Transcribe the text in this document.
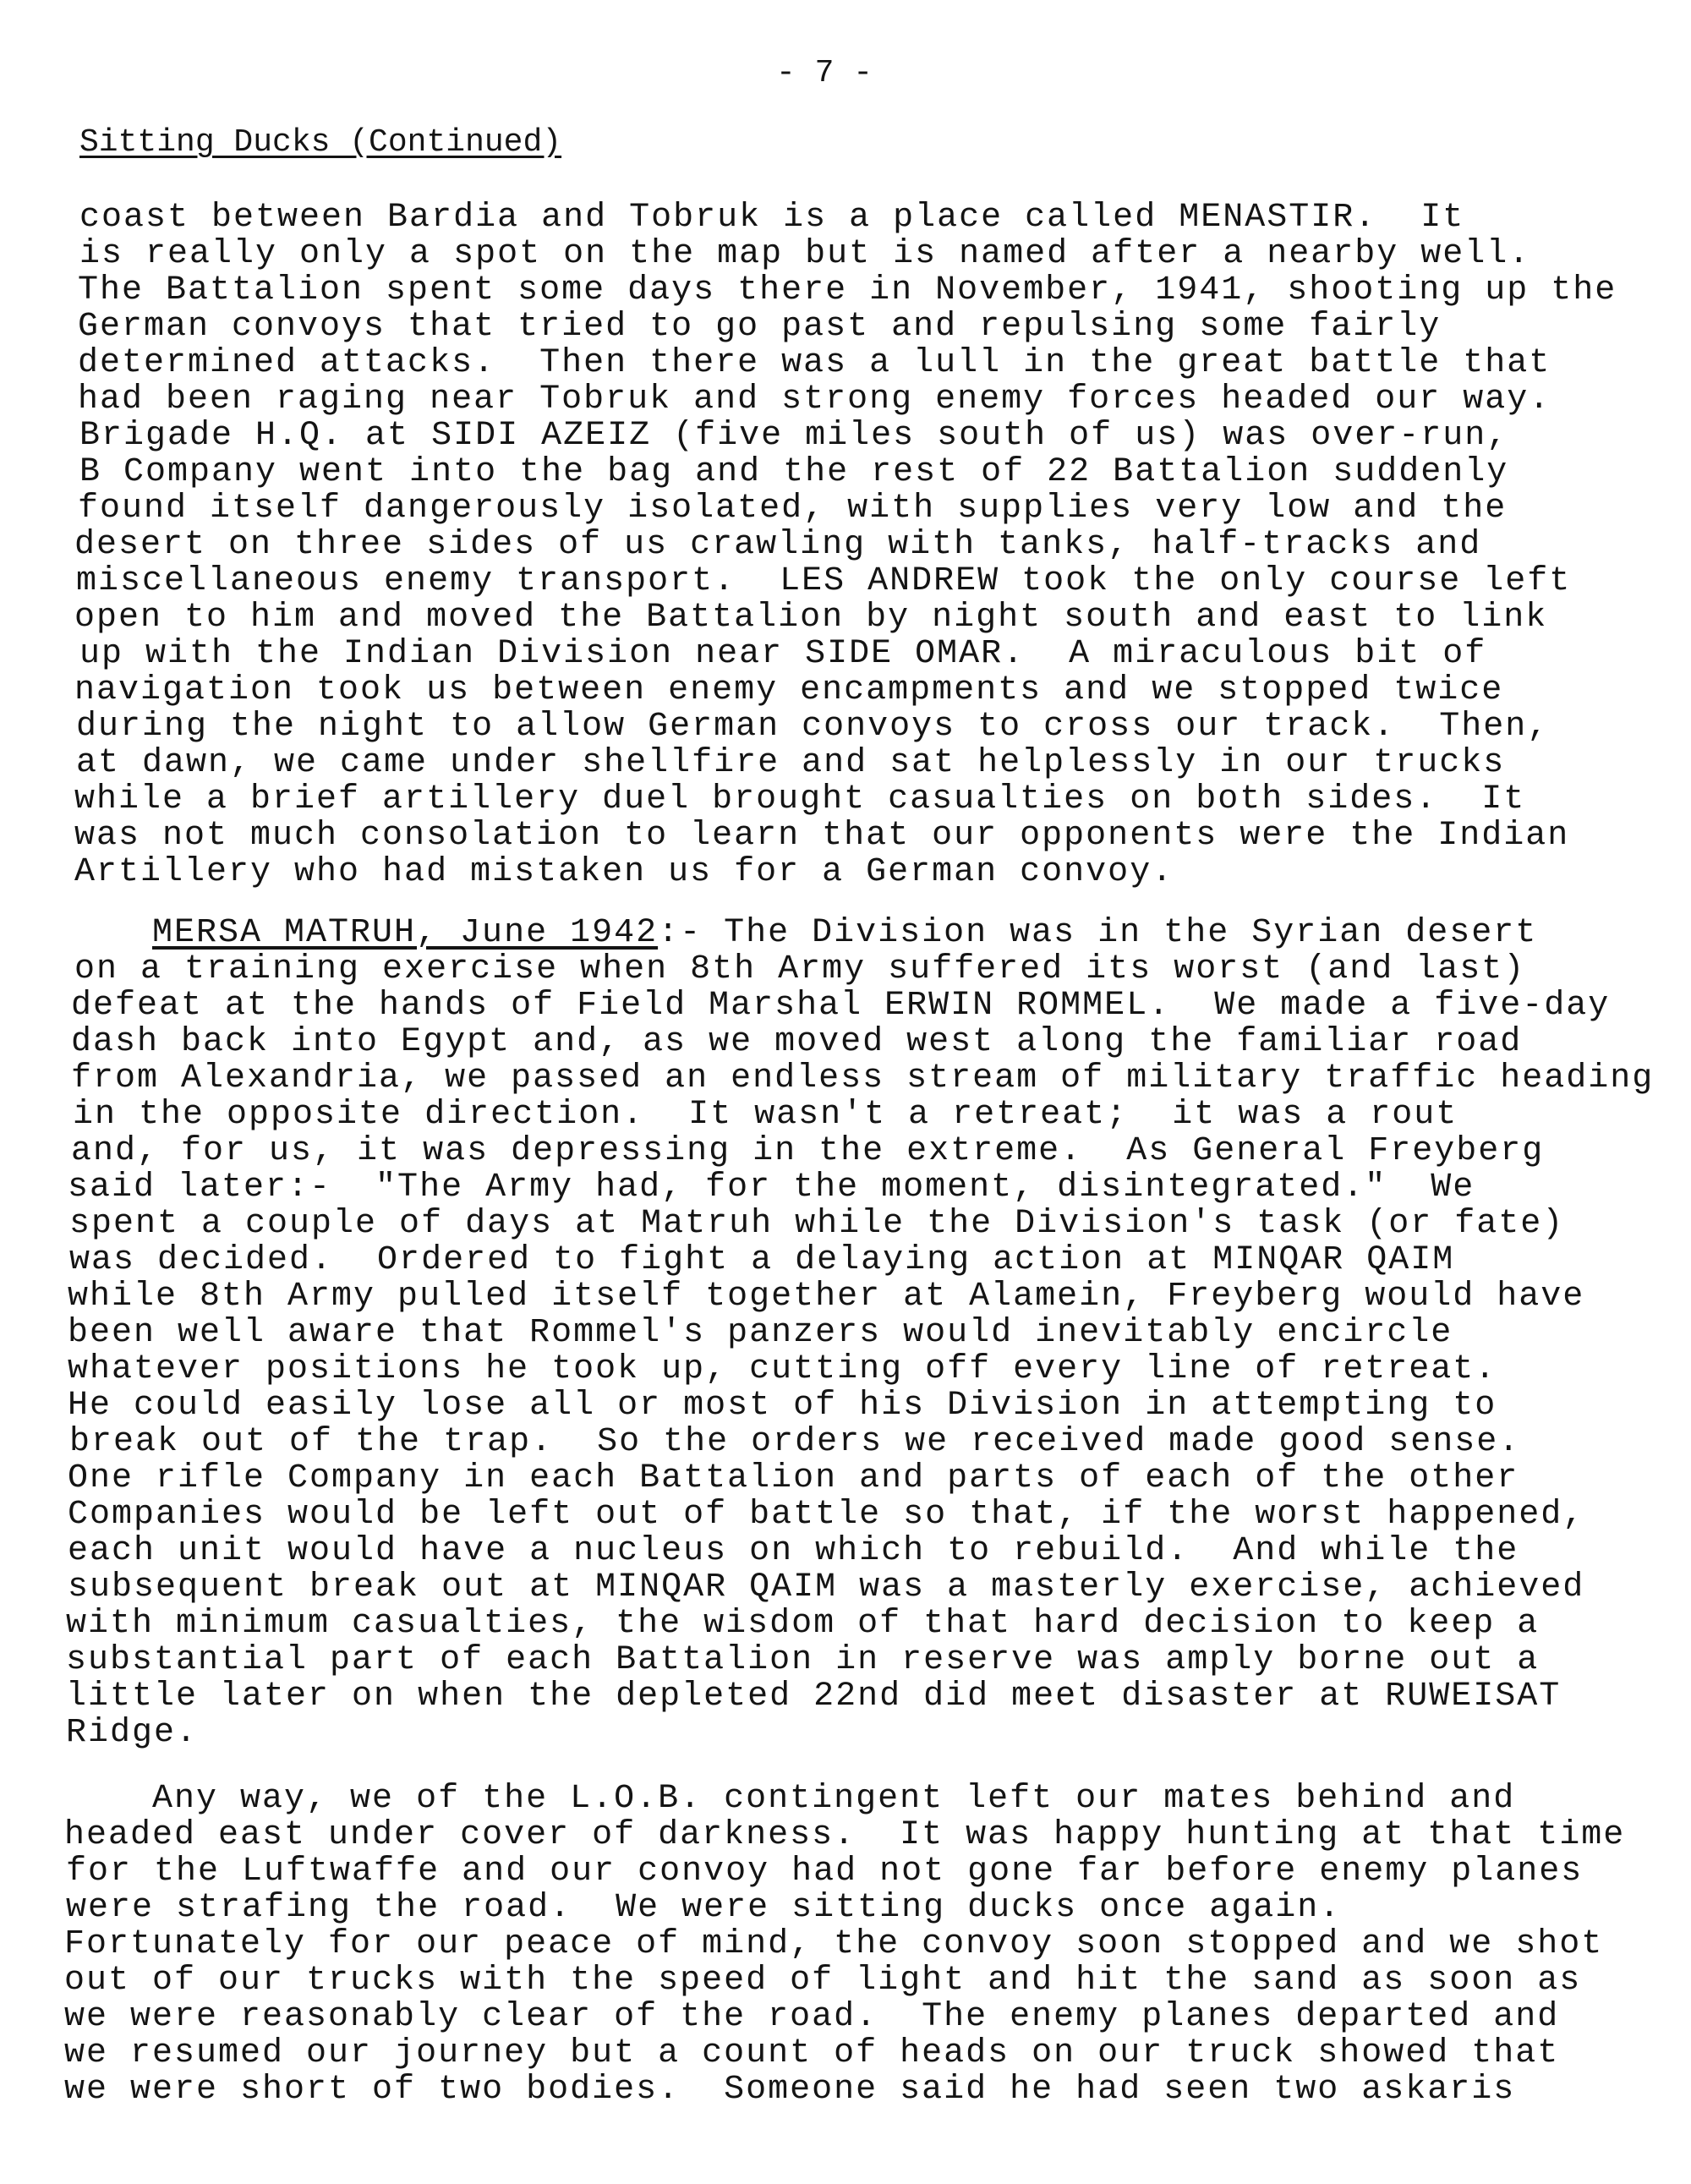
- 7 -
Sitting Ducks (Continued)
coast between Bardia and Tobruk is a place called MENASTIR.  It
is really only a spot on the map but is named after a nearby well.
The Battalion spent some days there in November, 1941, shooting up the
German convoys that tried to go past and repulsing some fairly
determined attacks.  Then there was a lull in the great battle that
had been raging near Tobruk and strong enemy forces headed our way.
Brigade H.Q. at SIDI AZEIZ (five miles south of us) was over-run,
B Company went into the bag and the rest of 22 Battalion suddenly
found itself dangerously isolated, with supplies very low and the
desert on three sides of us crawling with tanks, half-tracks and
miscellaneous enemy transport.  LES ANDREW took the only course left
open to him and moved the Battalion by night south and east to link
up with the Indian Division near SIDE OMAR.  A miraculous bit of
navigation took us between enemy encampments and we stopped twice
during the night to allow German convoys to cross our track.  Then,
at dawn, we came under shellfire and sat helplessly in our trucks
while a brief artillery duel brought casualties on both sides.  It
was not much consolation to learn that our opponents were the Indian
Artillery who had mistaken us for a German convoy.
MERSA MATRUH, June 1942:- The Division was in the Syrian desert
on a training exercise when 8th Army suffered its worst (and last)
defeat at the hands of Field Marshal ERWIN ROMMEL.  We made a five-day
dash back into Egypt and, as we moved west along the familiar road
from Alexandria, we passed an endless stream of military traffic heading
in the opposite direction.  It wasn't a retreat;  it was a rout
and, for us, it was depressing in the extreme.  As General Freyberg
said later:-  "The Army had, for the moment, disintegrated."  We
spent a couple of days at Matruh while the Division's task (or fate)
was decided.  Ordered to fight a delaying action at MINQAR QAIM
while 8th Army pulled itself together at Alamein, Freyberg would have
been well aware that Rommel's panzers would inevitably encircle
whatever positions he took up, cutting off every line of retreat.
He could easily lose all or most of his Division in attempting to
break out of the trap.  So the orders we received made good sense.
One rifle Company in each Battalion and parts of each of the other
Companies would be left out of battle so that, if the worst happened,
each unit would have a nucleus on which to rebuild.  And while the
subsequent break out at MINQAR QAIM was a masterly exercise, achieved
with minimum casualties, the wisdom of that hard decision to keep a
substantial part of each Battalion in reserve was amply borne out a
little later on when the depleted 22nd did meet disaster at RUWEISAT
Ridge.
Any way, we of the L.O.B. contingent left our mates behind and
headed east under cover of darkness.  It was happy hunting at that time
for the Luftwaffe and our convoy had not gone far before enemy planes
were strafing the road.  We were sitting ducks once again.
Fortunately for our peace of mind, the convoy soon stopped and we shot
out of our trucks with the speed of light and hit the sand as soon as
we were reasonably clear of the road.  The enemy planes departed and
we resumed our journey but a count of heads on our truck showed that
we were short of two bodies.  Someone said he had seen two askaris
